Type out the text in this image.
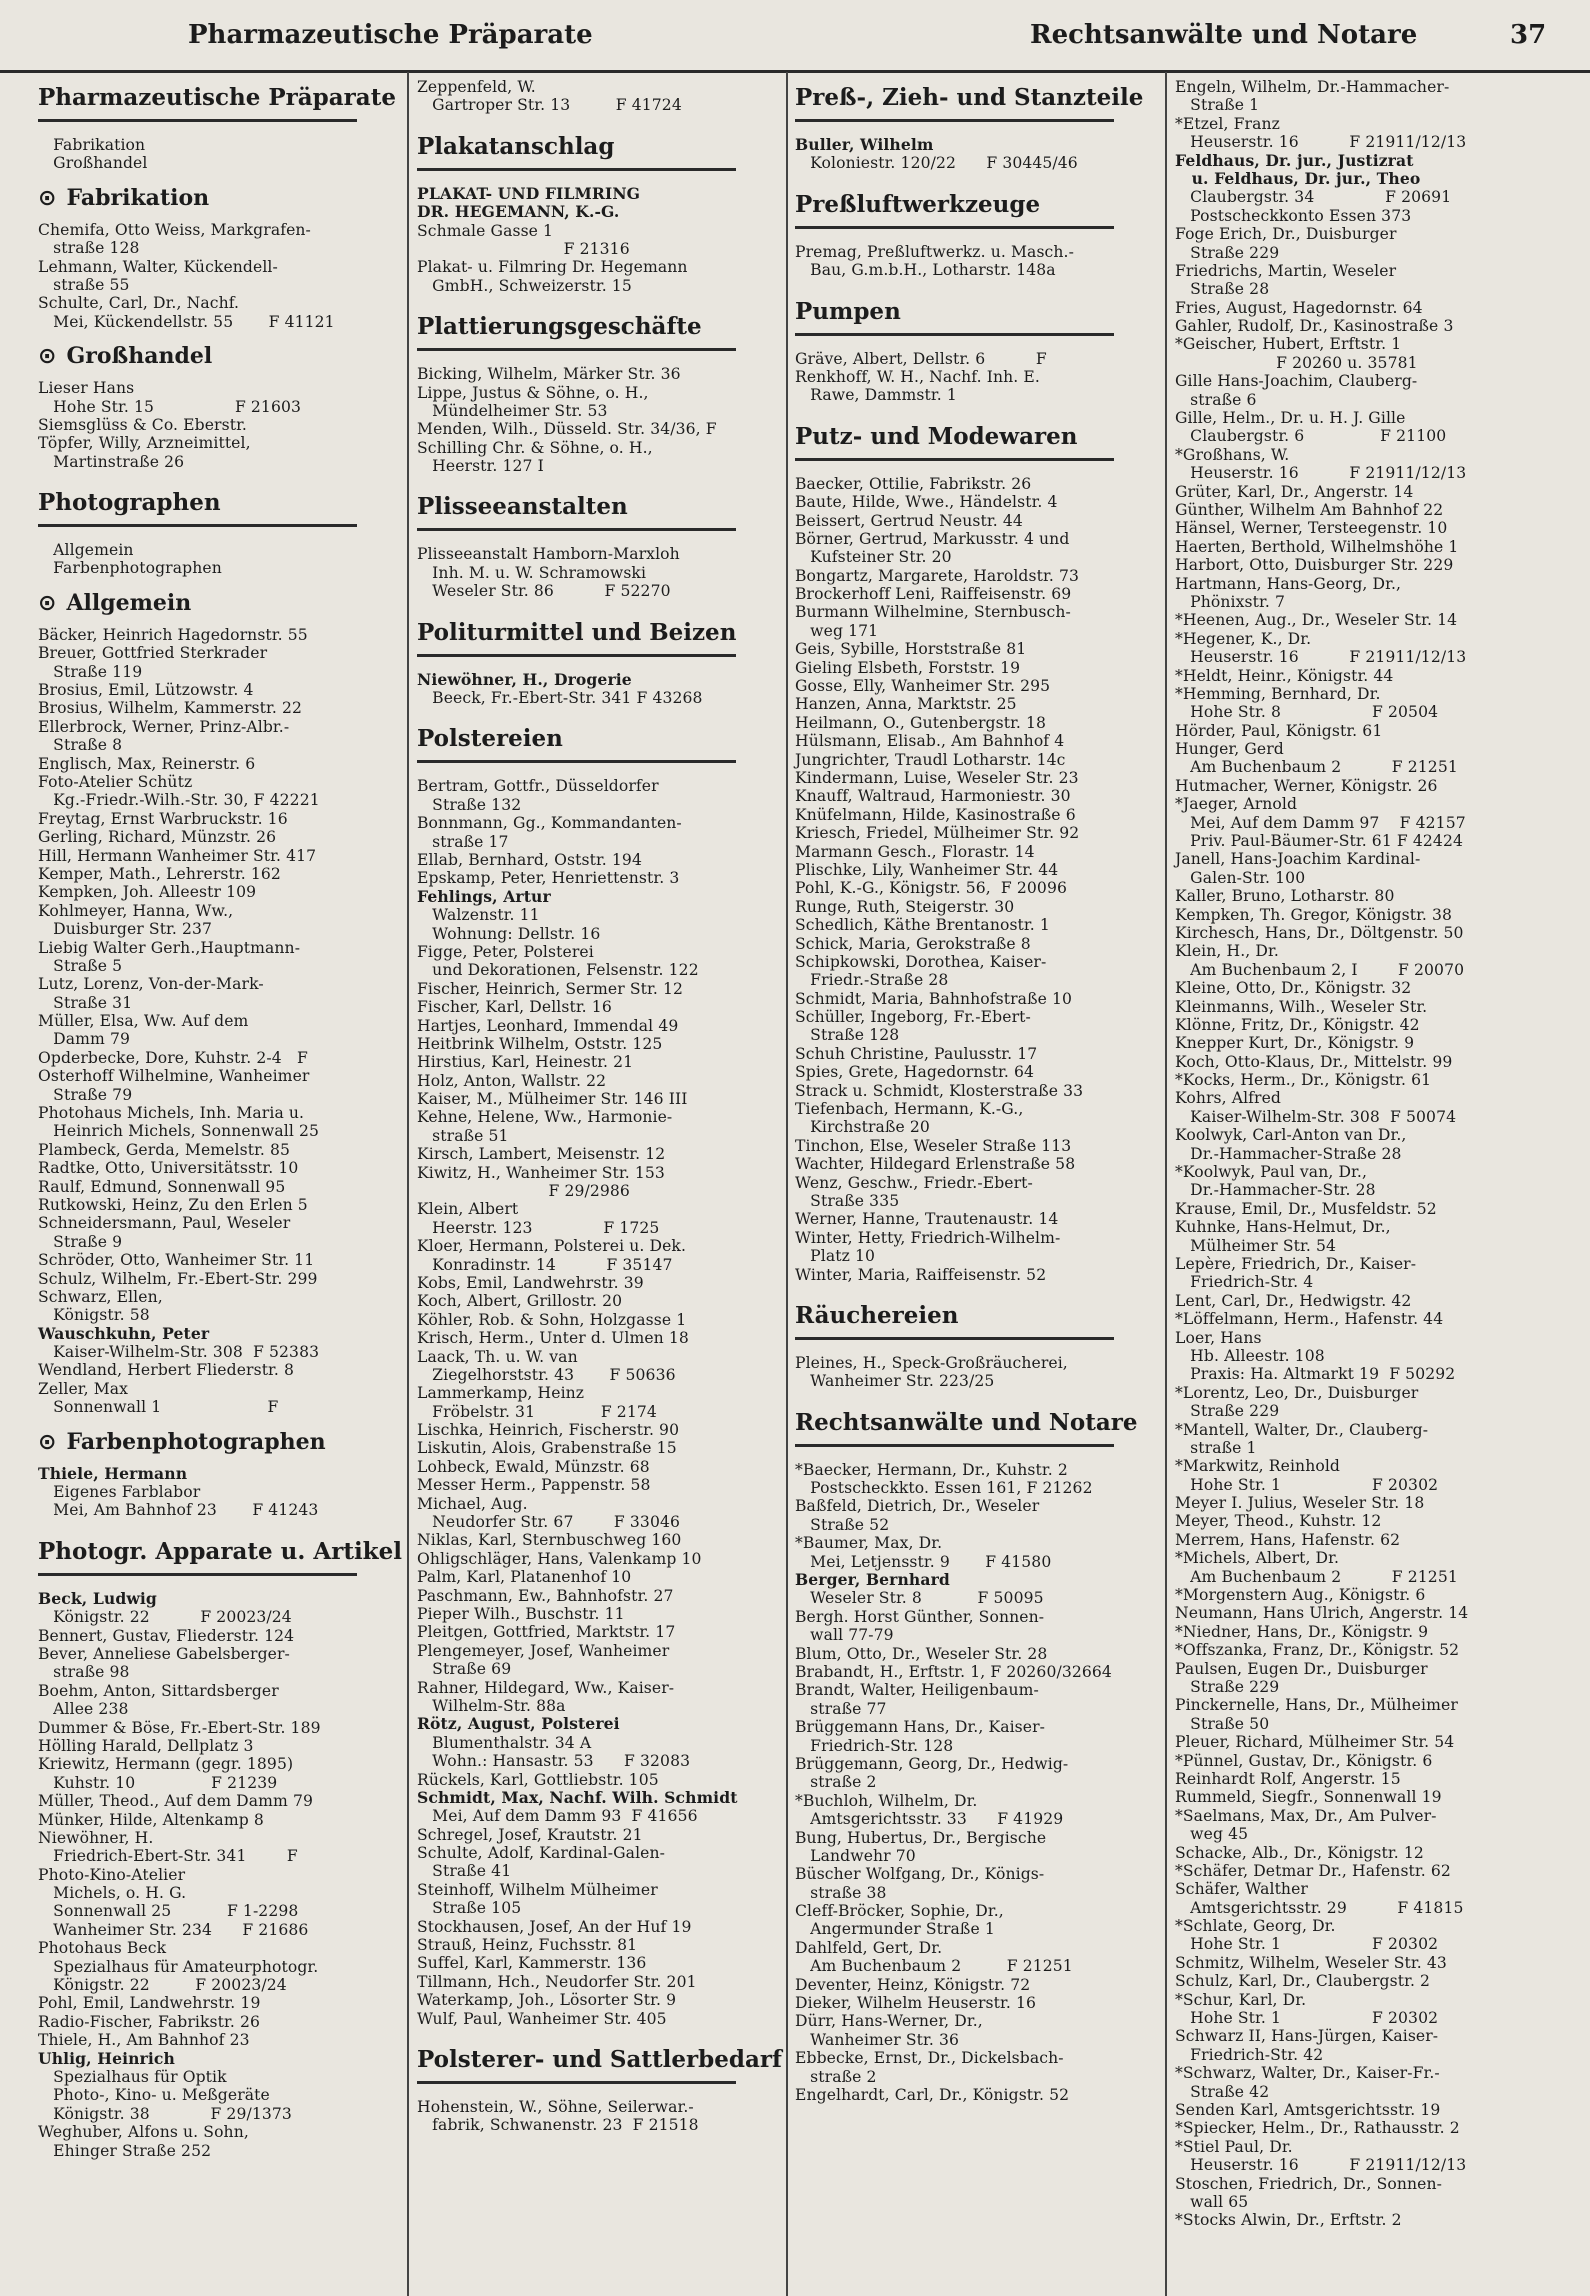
Pharmazeutische Präparate	Rechtsanwälte und Notare	37
Pharmazeutische Präparate
Fabrikation
Großhandel
⊙ Fabrikation
Chemifa, Otto Weiss, Markgrafen-
straße 128
Lehmann, Walter, Kückendell-
straße 55
Schulte, Carl, Dr., Nachf.
Mei, Kückendellstr. 55       F 41121
⊙ Großhandel
Lieser Hans
Hohe Str. 15                F 21603
Siemsglüss & Co. Eberstr.
Töpfer, Willy, Arzneimittel,
Martinstraße 26
Photographen
Allgemein
Farbenphotographen
⊙ Allgemein
Bäcker, Heinrich Hagedornstr. 55
Breuer, Gottfried Sterkrader
Straße 119
Brosius, Emil, Lützowstr. 4
Brosius, Wilhelm, Kammerstr. 22
Ellerbrock, Werner, Prinz-Albr.-
Straße 8
Englisch, Max, Reinerstr. 6
Foto-Atelier Schütz
Kg.-Friedr.-Wilh.-Str. 30, F 42221
Freytag, Ernst Warbruckstr. 16
Gerling, Richard, Münzstr. 26
Hill, Hermann Wanheimer Str. 417
Kemper, Math., Lehrerstr. 162
Kempken, Joh. Alleestr 109
Kohlmeyer, Hanna, Ww.,
Duisburger Str. 237
Liebig Walter Gerh.,Hauptmann-
Straße 5
Lutz, Lorenz, Von-der-Mark-
Straße 31
Müller, Elsa, Ww. Auf dem
Damm 79
Opderbecke, Dore, Kuhstr. 2-4   F
Osterhoff Wilhelmine, Wanheimer
Straße 79
Photohaus Michels, Inh. Maria u.
Heinrich Michels, Sonnenwall 25
Plambeck, Gerda, Memelstr. 85
Radtke, Otto, Universitätsstr. 10
Raulf, Edmund, Sonnenwall 95
Rutkowski, Heinz, Zu den Erlen 5
Schneidersmann, Paul, Weseler
Straße 9
Schröder, Otto, Wanheimer Str. 11
Schulz, Wilhelm, Fr.-Ebert-Str. 299
Schwarz, Ellen,
Königstr. 58
Wauschkuhn, Peter
Kaiser-Wilhelm-Str. 308  F 52383
Wendland, Herbert Fliederstr. 8
Zeller, Max
Sonnenwall 1                     F
⊙ Farbenphotographen
Thiele, Hermann
Eigenes Farblabor
Mei, Am Bahnhof 23       F 41243
Photogr. Apparate u. Artikel
Beck, Ludwig
Königstr. 22          F 20023/24
Bennert, Gustav, Fliederstr. 124
Bever, Anneliese Gabelsberger-
straße 98
Boehm, Anton, Sittardsberger
Allee 238
Dummer & Böse, Fr.-Ebert-Str. 189
Hölling Harald, Dellplatz 3
Kriewitz, Hermann (gegr. 1895)
Kuhstr. 10               F 21239
Müller, Theod., Auf dem Damm 79
Münker, Hilde, Altenkamp 8
Niewöhner, H.
Friedrich-Ebert-Str. 341        F
Photo-Kino-Atelier
Michels, o. H. G.
Sonnenwall 25           F 1-2298
Wanheimer Str. 234      F 21686
Photohaus Beck
Spezialhaus für Amateurphotogr.
Königstr. 22         F 20023/24
Pohl, Emil, Landwehrstr. 19
Radio-Fischer, Fabrikstr. 26
Thiele, H., Am Bahnhof 23
Uhlig, Heinrich
Spezialhaus für Optik
Photo-, Kino- u. Meßgeräte
Königstr. 38            F 29/1373
Weghuber, Alfons u. Sohn,
Ehinger Straße 252
Zeppenfeld, W.
Gartroper Str. 13         F 41724
Plakatanschlag
PLAKAT- UND FILMRING
DR. HEGEMANN, K.-G.
Schmale Gasse 1
F 21316
Plakat- u. Filmring Dr. Hegemann
GmbH., Schweizerstr. 15
Plattierungsgeschäfte
Bicking, Wilhelm, Märker Str. 36
Lippe, Justus & Söhne, o. H.,
Mündelheimer Str. 53
Menden, Wilh., Düsseld. Str. 34/36, F
Schilling Chr. & Söhne, o. H.,
Heerstr. 127 I
Plisseeanstalten
Plisseeanstalt Hamborn-Marxloh
Inh. M. u. W. Schramowski
Weseler Str. 86          F 52270
Politurmittel und Beizen
Niewöhner, H., Drogerie
Beeck, Fr.-Ebert-Str. 341 F 43268
Polstereien
Bertram, Gottfr., Düsseldorfer
Straße 132
Bonnmann, Gg., Kommandanten-
straße 17
Ellab, Bernhard, Oststr. 194
Epskamp, Peter, Henriettenstr. 3
Fehlings, Artur
Walzenstr. 11
Wohnung: Dellstr. 16
Figge, Peter, Polsterei
und Dekorationen, Felsenstr. 122
Fischer, Heinrich, Sermer Str. 12
Fischer, Karl, Dellstr. 16
Hartjes, Leonhard, Immendal 49
Heitbrink Wilhelm, Oststr. 125
Hirstius, Karl, Heinestr. 21
Holz, Anton, Wallstr. 22
Kaiser, M., Mülheimer Str. 146 III
Kehne, Helene, Ww., Harmonie-
straße 51
Kirsch, Lambert, Meisenstr. 12
Kiwitz, H., Wanheimer Str. 153
F 29/2986
Klein, Albert
Heerstr. 123              F 1725
Kloer, Hermann, Polsterei u. Dek.
Konradinstr. 14          F 35147
Kobs, Emil, Landwehrstr. 39
Koch, Albert, Grillostr. 20
Köhler, Rob. & Sohn, Holzgasse 1
Krisch, Herm., Unter d. Ulmen 18
Laack, Th. u. W. van
Ziegelhorststr. 43       F 50636
Lammerkamp, Heinz
Fröbelstr. 31             F 2174
Lischka, Heinrich, Fischerstr. 90
Liskutin, Alois, Grabenstraße 15
Lohbeck, Ewald, Münzstr. 68
Messer Herm., Pappenstr. 58
Michael, Aug.
Neudorfer Str. 67        F 33046
Niklas, Karl, Sternbuschweg 160
Ohligschläger, Hans, Valenkamp 10
Palm, Karl, Platanenhof 10
Paschmann, Ew., Bahnhofstr. 27
Pieper Wilh., Buschstr. 11
Pleitgen, Gottfried, Marktstr. 17
Plengemeyer, Josef, Wanheimer
Straße 69
Rahner, Hildegard, Ww., Kaiser-
Wilhelm-Str. 88a
Rötz, August, Polsterei
Blumenthalstr. 34 A
Wohn.: Hansastr. 53      F 32083
Rückels, Karl, Gottliebstr. 105
Schmidt, Max, Nachf. Wilh. Schmidt
Mei, Auf dem Damm 93  F 41656
Schregel, Josef, Krautstr. 21
Schulte, Adolf, Kardinal-Galen-
Straße 41
Steinhoff, Wilhelm Mülheimer
Straße 105
Stockhausen, Josef, An der Huf 19
Strauß, Heinz, Fuchsstr. 81
Suffel, Karl, Kammerstr. 136
Tillmann, Hch., Neudorfer Str. 201
Waterkamp, Joh., Lösorter Str. 9
Wulf, Paul, Wanheimer Str. 405
Polsterer- und Sattlerbedarf
Hohenstein, W., Söhne, Seilerwar.-
fabrik, Schwanenstr. 23  F 21518
Preß-, Zieh- und Stanzteile
Buller, Wilhelm
Koloniestr. 120/22      F 30445/46
Preßluftwerkzeuge
Premag, Preßluftwerkz. u. Masch.-
Bau, G.m.b.H., Lotharstr. 148a
Pumpen
Gräve, Albert, Dellstr. 6          F
Renkhoff, W. H., Nachf. Inh. E.
Rawe, Dammstr. 1
Putz- und Modewaren
Baecker, Ottilie, Fabrikstr. 26
Baute, Hilde, Wwe., Händelstr. 4
Beissert, Gertrud Neustr. 44
Börner, Gertrud, Markusstr. 4 und
Kufsteiner Str. 20
Bongartz, Margarete, Haroldstr. 73
Brockerhoff Leni, Raiffeisenstr. 69
Burmann Wilhelmine, Sternbusch-
weg 171
Geis, Sybille, Horststraße 81
Gieling Elsbeth, Forststr. 19
Gosse, Elly, Wanheimer Str. 295
Hanzen, Anna, Marktstr. 25
Heilmann, O., Gutenbergstr. 18
Hülsmann, Elisab., Am Bahnhof 4
Jungrichter, Traudl Lotharstr. 14c
Kindermann, Luise, Weseler Str. 23
Knauff, Waltraud, Harmoniestr. 30
Knüfelmann, Hilde, Kasinostraße 6
Kriesch, Friedel, Mülheimer Str. 92
Marmann Gesch., Florastr. 14
Plischke, Lily, Wanheimer Str. 44
Pohl, K.-G., Königstr. 56,  F 20096
Runge, Ruth, Steigerstr. 30
Schedlich, Käthe Brentanostr. 1
Schick, Maria, Gerokstraße 8
Schipkowski, Dorothea, Kaiser-
Friedr.-Straße 28
Schmidt, Maria, Bahnhofstraße 10
Schüller, Ingeborg, Fr.-Ebert-
Straße 128
Schuh Christine, Paulusstr. 17
Spies, Grete, Hagedornstr. 64
Strack u. Schmidt, Klosterstraße 33
Tiefenbach, Hermann, K.-G.,
Kirchstraße 20
Tinchon, Else, Weseler Straße 113
Wachter, Hildegard Erlenstraße 58
Wenz, Geschw., Friedr.-Ebert-
Straße 335
Werner, Hanne, Trautenaustr. 14
Winter, Hetty, Friedrich-Wilhelm-
Platz 10
Winter, Maria, Raiffeisenstr. 52
Räuchereien
Pleines, H., Speck-Großräucherei,
Wanheimer Str. 223/25
Rechtsanwälte und Notare
*Baecker, Hermann, Dr., Kuhstr. 2
Postscheckkto. Essen 161, F 21262
Baßfeld, Dietrich, Dr., Weseler
Straße 52
*Baumer, Max, Dr.
Mei, Letjensstr. 9       F 41580
Berger, Bernhard
Weseler Str. 8           F 50095
Bergh. Horst Günther, Sonnen-
wall 77-79
Blum, Otto, Dr., Weseler Str. 28
Brabandt, H., Erftstr. 1, F 20260/32664
Brandt, Walter, Heiligenbaum-
straße 77
Brüggemann Hans, Dr., Kaiser-
Friedrich-Str. 128
Brüggemann, Georg, Dr., Hedwig-
straße 2
*Buchloh, Wilhelm, Dr.
Amtsgerichtsstr. 33      F 41929
Bung, Hubertus, Dr., Bergische
Landwehr 70
Büscher Wolfgang, Dr., Königs-
straße 38
Cleff-Bröcker, Sophie, Dr.,
Angermunder Straße 1
Dahlfeld, Gert, Dr.
Am Buchenbaum 2         F 21251
Deventer, Heinz, Königstr. 72
Dieker, Wilhelm Heuserstr. 16
Dürr, Hans-Werner, Dr.,
Wanheimer Str. 36
Ebbecke, Ernst, Dr., Dickelsbach-
straße 2
Engelhardt, Carl, Dr., Königstr. 52
Engeln, Wilhelm, Dr.-Hammacher-
Straße 1
*Etzel, Franz
Heuserstr. 16          F 21911/12/13
Feldhaus, Dr. jur., Justizrat
u. Feldhaus, Dr. jur., Theo
Claubergstr. 34              F 20691
Postscheckkonto Essen 373
Foge Erich, Dr., Duisburger
Straße 229
Friedrichs, Martin, Weseler
Straße 28
Fries, August, Hagedornstr. 64
Gahler, Rudolf, Dr., Kasinostraße 3
*Geischer, Hubert, Erftstr. 1
F 20260 u. 35781
Gille Hans-Joachim, Clauberg-
straße 6
Gille, Helm., Dr. u. H. J. Gille
Claubergstr. 6               F 21100
*Großhans, W.
Heuserstr. 16          F 21911/12/13
Grüter, Karl, Dr., Angerstr. 14
Günther, Wilhelm Am Bahnhof 22
Hänsel, Werner, Tersteegenstr. 10
Haerten, Berthold, Wilhelmshöhe 1
Harbort, Otto, Duisburger Str. 229
Hartmann, Hans-Georg, Dr.,
Phönixstr. 7
*Heenen, Aug., Dr., Weseler Str. 14
*Hegener, K., Dr.
Heuserstr. 16          F 21911/12/13
*Heldt, Heinr., Königstr. 44
*Hemming, Bernhard, Dr.
Hohe Str. 8                  F 20504
Hörder, Paul, Königstr. 61
Hunger, Gerd
Am Buchenbaum 2          F 21251
Hutmacher, Werner, Königstr. 26
*Jaeger, Arnold
Mei, Auf dem Damm 97    F 42157
Priv. Paul-Bäumer-Str. 61 F 42424
Janell, Hans-Joachim Kardinal-
Galen-Str. 100
Kaller, Bruno, Lotharstr. 80
Kempken, Th. Gregor, Königstr. 38
Kirchesch, Hans, Dr., Döltgenstr. 50
Klein, H., Dr.
Am Buchenbaum 2, I        F 20070
Kleine, Otto, Dr., Königstr. 32
Kleinmanns, Wilh., Weseler Str.
Klönne, Fritz, Dr., Königstr. 42
Knepper Kurt, Dr., Königstr. 9
Koch, Otto-Klaus, Dr., Mittelstr. 99
*Kocks, Herm., Dr., Königstr. 61
Kohrs, Alfred
Kaiser-Wilhelm-Str. 308  F 50074
Koolwyk, Carl-Anton van Dr.,
Dr.-Hammacher-Straße 28
*Koolwyk, Paul van, Dr.,
Dr.-Hammacher-Str. 28
Krause, Emil, Dr., Musfeldstr. 52
Kuhnke, Hans-Helmut, Dr.,
Mülheimer Str. 54
Lepère, Friedrich, Dr., Kaiser-
Friedrich-Str. 4
Lent, Carl, Dr., Hedwigstr. 42
*Löffelmann, Herm., Hafenstr. 44
Loer, Hans
Hb. Alleestr. 108
Praxis: Ha. Altmarkt 19  F 50292
*Lorentz, Leo, Dr., Duisburger
Straße 229
*Mantell, Walter, Dr., Clauberg-
straße 1
*Markwitz, Reinhold
Hohe Str. 1                  F 20302
Meyer I. Julius, Weseler Str. 18
Meyer, Theod., Kuhstr. 12
Merrem, Hans, Hafenstr. 62
*Michels, Albert, Dr.
Am Buchenbaum 2          F 21251
*Morgenstern Aug., Königstr. 6
Neumann, Hans Ulrich, Angerstr. 14
*Niedner, Hans, Dr., Königstr. 9
*Offszanka, Franz, Dr., Königstr. 52
Paulsen, Eugen Dr., Duisburger
Straße 229
Pinckernelle, Hans, Dr., Mülheimer
Straße 50
Pleuer, Richard, Mülheimer Str. 54
*Pünnel, Gustav, Dr., Königstr. 6
Reinhardt Rolf, Angerstr. 15
Rummeld, Siegfr., Sonnenwall 19
*Saelmans, Max, Dr., Am Pulver-
weg 45
Schacke, Alb., Dr., Königstr. 12
*Schäfer, Detmar Dr., Hafenstr. 62
Schäfer, Walther
Amtsgerichtsstr. 29          F 41815
*Schlate, Georg, Dr.
Hohe Str. 1                  F 20302
Schmitz, Wilhelm, Weseler Str. 43
Schulz, Karl, Dr., Claubergstr. 2
*Schur, Karl, Dr.
Hohe Str. 1                  F 20302
Schwarz II, Hans-Jürgen, Kaiser-
Friedrich-Str. 42
*Schwarz, Walter, Dr., Kaiser-Fr.-
Straße 42
Senden Karl, Amtsgerichtsstr. 19
*Spiecker, Helm., Dr., Rathausstr. 2
*Stiel Paul, Dr.
Heuserstr. 16          F 21911/12/13
Stoschen, Friedrich, Dr., Sonnen-
wall 65
*Stocks Alwin, Dr., Erftstr. 2
